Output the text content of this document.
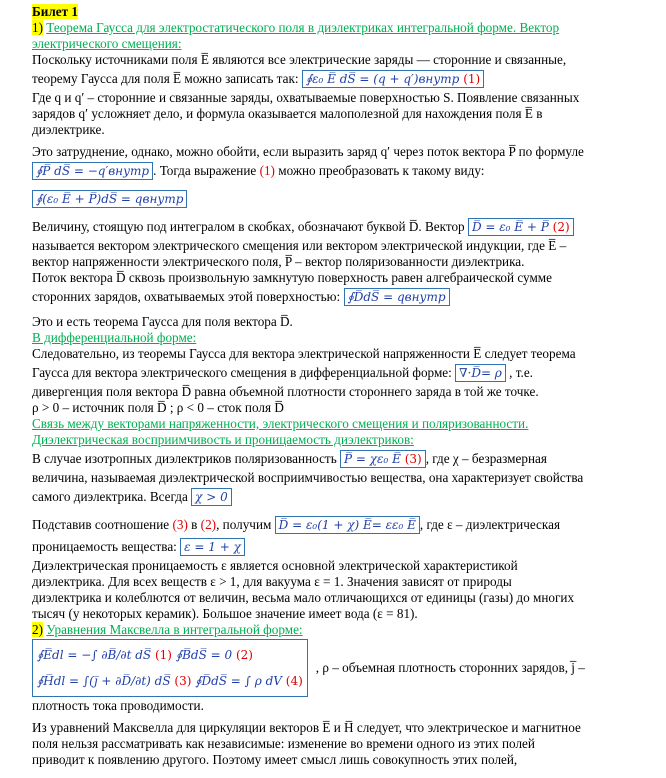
Билет 1
1) Теорема Гаусса для электростатического поля в диэлектриках интегральной форме. Вектор
электрического смещения:
Поскольку источниками поля E̅ являются все электрические заряды — сторонние и связанные,
теорему Гаусса для поля E̅ можно записать так: ∮ε₀ E̅ dS̅ = (q + q′)внутр (1)
Где q и q′ – сторонние и связанные заряды, охватываемые поверхностью S. Появление связанных
зарядов q′ усложняет дело, и формула оказывается малополезной для нахождения поля E̅ в
диэлектрике.
Это затруднение, однако, можно обойти, если выразить заряд q′ через поток вектора P̅ по формуле
∮P̅ dS̅ = −q′внутр . Тогда выражение (1) можно преобразовать к такому виду:
∮(ε₀ E̅ + P̅)dS̅ = qвнутр
Величину, стоящую под интегралом в скобках, обозначают буквой D̅. Вектор D̅ = ε₀ E̅ + P̅ (2)
называется вектором электрического смещения или вектором электрической индукции, где E̅ –
вектор напряженности электрического поля, P̅ – вектор поляризованности диэлектрика.
Поток вектора D̅ сквозь произвольную замкнутую поверхность равен алгебраической сумме
сторонних зарядов, охватываемых этой поверхностью: ∮D̅dS̅ = qвнутр
Это и есть теорема Гаусса для поля вектора D̅.
В дифференциальной форме:
Следовательно, из теоремы Гаусса для вектора электрической напряженности E̅ следует теорема
Гаусса для вектора электрического смещения в дифференциальной форме: ∇·D̅= ρ , т.е.
дивергенция поля вектора D̅ равна объемной плотности стороннего заряда в той же точке.
ρ > 0 – источник поля D̅ ; ρ < 0 – сток поля D̅
Связь между векторами напряженности, электрического смещения и поляризованности.
Диэлектрическая восприимчивость и проницаемость диэлектриков:
В случае изотропных диэлектриков поляризованность P̅ = χε₀ E̅ (3) , где χ – безразмерная
величина, называемая диэлектрической восприимчивостью вещества, она характеризует свойства
самого диэлектрика. Всегда χ > 0
Подставив соотношение (3) в (2), получим D̅ = ε₀(1 + χ) E̅= εε₀ E̅ , где ε – диэлектрическая
проницаемость вещества: ε = 1 + χ
Диэлектрическая проницаемость ε является основной электрической характеристикой
диэлектрика. Для всех веществ ε > 1, для вакуума ε = 1. Значения зависят от природы
диэлектрика и колеблются от величин, весьма мало отличающихся от единицы (газы) до многих
тысяч (у некоторых керамик). Большое значение имеет вода (ε = 81).
2) Уравнения Максвелла в интегральной форме:
∮E̅dl = −∫ ∂B̅/∂t dS̅ (1) ∮B̅dS̅ = 0 (2)
∮H̅dl = ∫(j̅ + ∂D̅/∂t) dS̅ (3) ∮D̅dS̅ = ∫ ρ dV (4)
, ρ – объемная плотность сторонних зарядов, j̅ –
плотность тока проводимости.
Из уравнений Максвелла для циркуляции векторов E̅ и H̅ следует, что электрическое и магнитное
поля нельзя рассматривать как независимые: изменение во времени одного из этих полей
приводит к появлению другого. Поэтому имеет смысл лишь совокупность этих полей,
